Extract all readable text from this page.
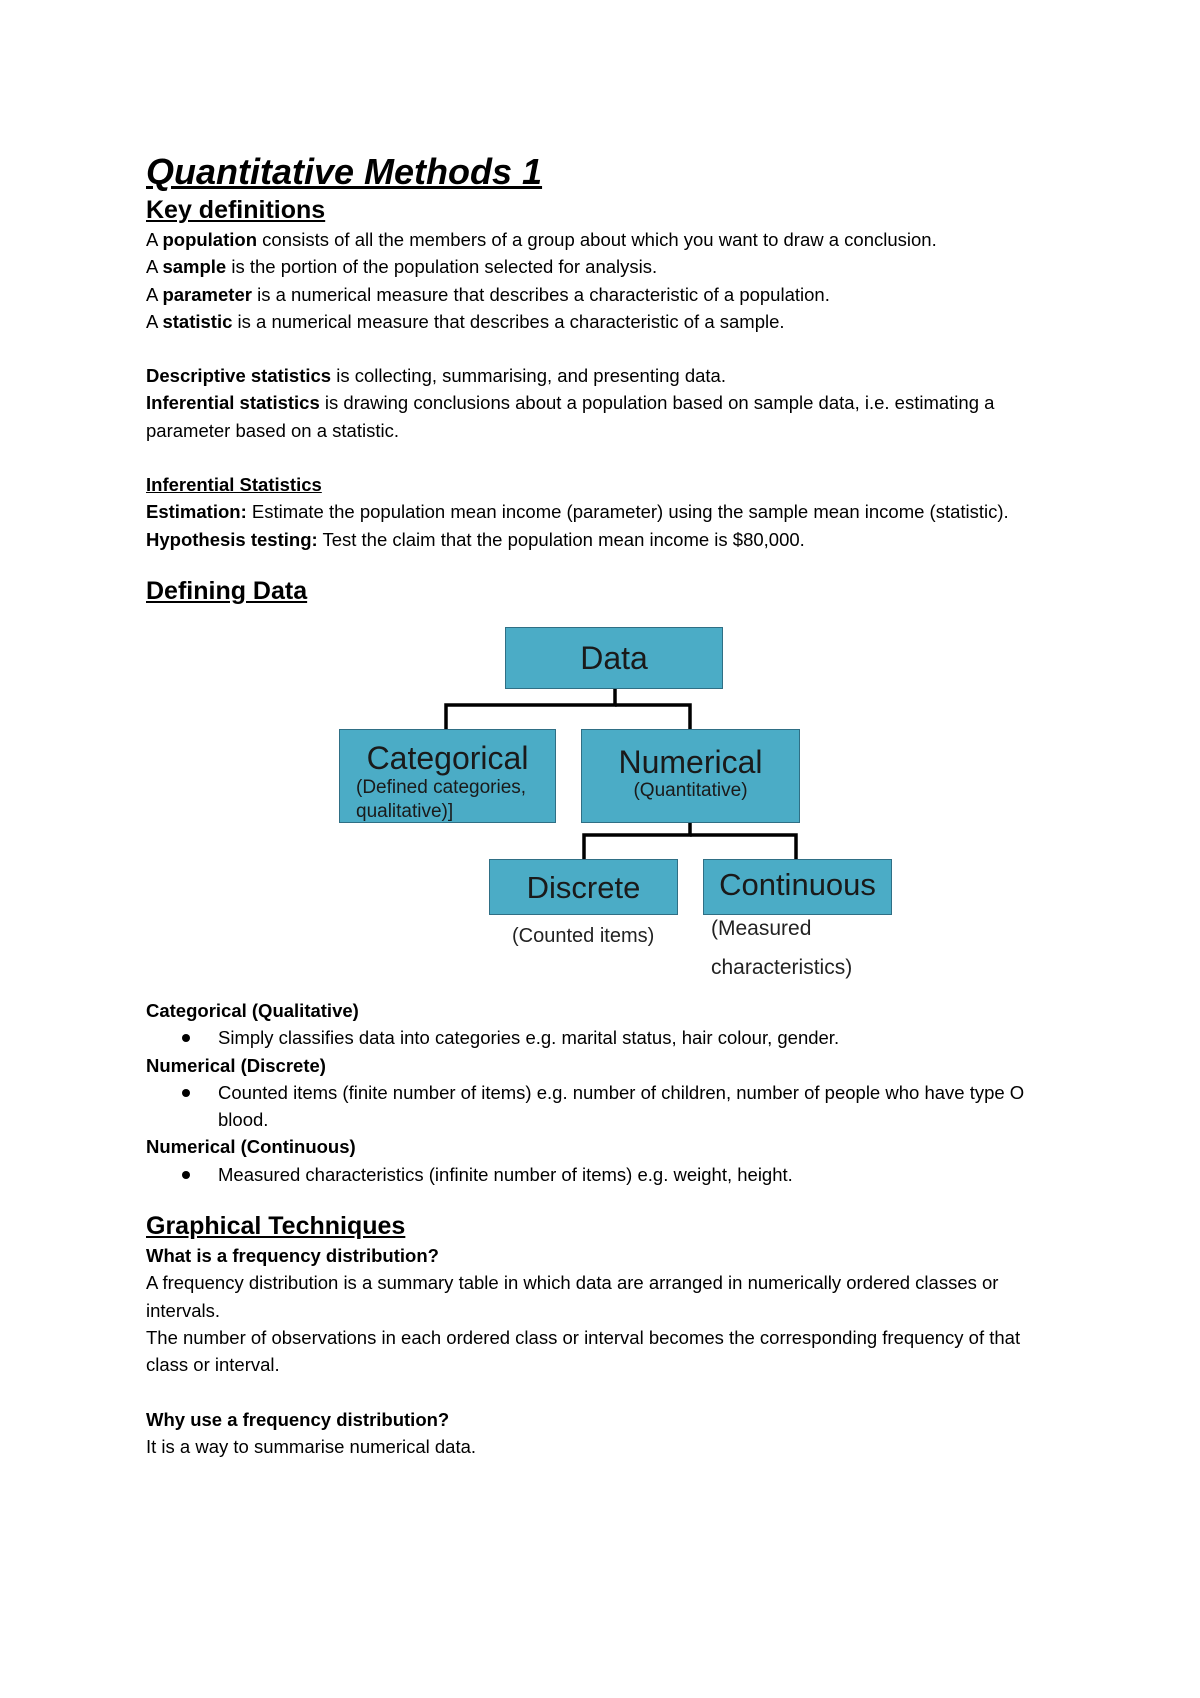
Quantitative Methods 1
Key definitions

A population consists of all the members of a group about which you want to draw a conclusion.

A sample is the portion of the population selected for analysis.

A parameter is a numerical measure that describes a characteristic of a population.

A statistic is a numerical measure that describes a characteristic of a sample.

Descriptive statistics is collecting, summarising, and presenting data.

Inferential statistics is drawing conclusions about a population based on sample data, i.e. estimating a parameter based on a statistic.

Inferential Statistics

Estimation: Estimate the population mean income (parameter) using the sample mean income (statistic).

Hypothesis testing: Test the claim that the population mean income is $80,000.

Defining Data
Data
Categorical
(Defined categories, qualitative)]
Numerical
(Quantitative)
Discrete
(Counted items)
Continuous
(Measured
characteristics)

Categorical (Qualitative)

Simply classifies data into categories e.g. marital status, hair colour, gender.

Numerical (Discrete)

Counted items (finite number of items) e.g. number of children, number of people who have type O blood.

Numerical (Continuous)

Measured characteristics (infinite number of items) e.g. weight, height.
Graphical Techniques

What is a frequency distribution?

A frequency distribution is a summary table in which data are arranged in numerically ordered classes or intervals.

The number of observations in each ordered class or interval becomes the corresponding frequency of that class or interval.

Why use a frequency distribution?

It is a way to summarise numerical data.
